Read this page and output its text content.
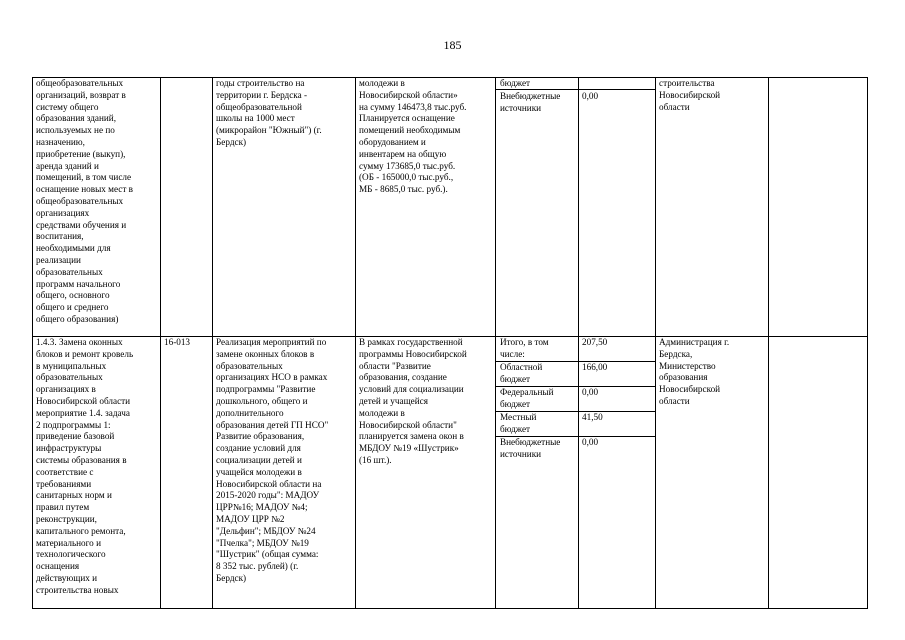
185
общеобразовательных
организаций, возврат в
систему общего
образования зданий,
используемых не по
назначению,
приобретение (выкуп),
аренда зданий и
помещений, в том числе
оснащение новых мест в
общеобразовательных
организациях
средствами обучения и
воспитания,
необходимыми для
реализации
образовательных
программ начального
общего, основного
общего и среднего
общего образования)
годы строительство на
территории г. Бердска -
общеобразовательной
школы на 1000 мест
(микрорайон "Южный") (г.
Бердск)
молодежи в
Новосибирской области»
на сумму 146473,8 тыс.руб.
Планируется оснащение
помещений необходимым
оборудованием и
инвентарем на общую
сумму 173685,0 тыс.руб.
(ОБ - 165000,0 тыс.руб.,
МБ - 8685,0 тыс. руб.).
бюджет
Внебюджетные
источники
0,00
строительства
Новосибирской
области
1.4.3. Замена оконных
блоков и ремонт кровель
в муниципальных
образовательных
организациях в
Новосибирской области
мероприятие 1.4. задача
2 подпрограммы 1:
приведение базовой
инфраструктуры
системы образования в
соответствие с
требованиями
санитарных норм и
правил путем
реконструкции,
капитального ремонта,
материального и
технологического
оснащения
действующих и
строительства новых
16-013	Реализация мероприятий по
замене оконных блоков в
образовательных
организациях НСО в рамках
подпрограммы "Развитие
дошкольного, общего и
дополнительного
образования детей ГП НСО"
Развитие образования,
создание условий для
социализации детей и
учащейся молодежи в
Новосибирской области на
2015-2020 годы": МАДОУ
ЦРР№16; МАДОУ №4;
МАДОУ ЦРР №2
"Дельфин"; МБДОУ №24
"Пчелка"; МБДОУ №19
"Шустрик" (общая сумма:
8 352 тыс. рублей) (г.
Бердск)
В рамках государственной
программы Новосибирской
области "Развитие
образования, создание
условий для социализации
детей и учащейся
молодежи в
Новосибирской области"
планируется замена окон в
МБДОУ №19 «Шустрик»
(16 шт.).
Итого, в том
числе:
207,50
Областной
бюджет
166,00
Федеральный
бюджет
0,00
Местный
бюджет
41,50
Внебюджетные
источники
0,00
Администрация г.
Бердска,
Министерство
образования
Новосибирской
области
